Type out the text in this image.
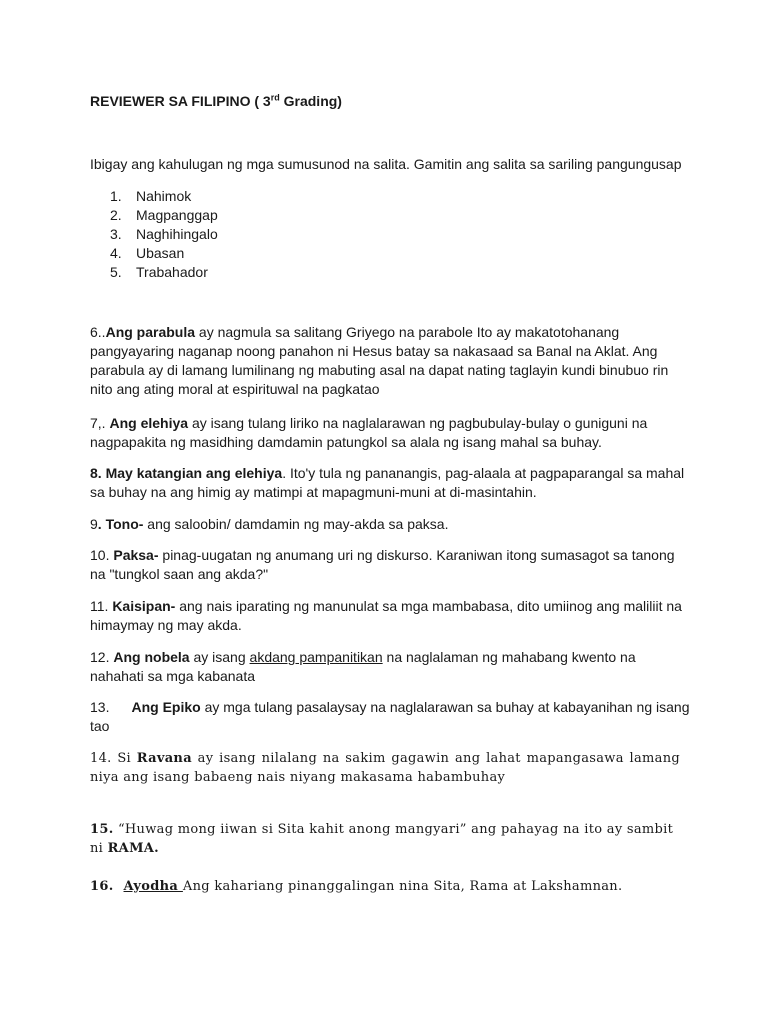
REVIEWER SA FILIPINO ( 3rd Grading)
Ibigay ang kahulugan ng mga sumusunod na salita. Gamitin ang salita sa sariling pangungusap
1.	Nahimok
2.	Magpanggap
3.	Naghihingalo
4.	Ubasan
5.	Trabahador
6..Ang parabula ay nagmula sa salitang Griyego na parabole Ito ay makatotohanang pangyayaring naganap noong panahon ni Hesus batay sa nakasaad sa Banal na Aklat. Ang parabula ay di lamang lumilinang ng mabuting asal na dapat nating taglayin kundi binubuo rin nito ang ating moral at espirituwal na pagkatao
7,. Ang elehiya ay isang tulang liriko na naglalarawan ng pagbubulay-bulay o guniguni na nagpapakita ng masidhing damdamin patungkol sa alala ng isang mahal sa buhay.
8. May katangian ang elehiya. Ito'y tula ng pananangis, pag-alaala at pagpaparangal sa mahal sa buhay na ang himig ay matimpi at mapagmuni-muni at di-masintahin.
9. Tono- ang saloobin/ damdamin ng may-akda sa paksa.
10. Paksa- pinag-uugatan ng anumang uri ng diskurso. Karaniwan itong sumasagot sa tanong na "tungkol saan ang akda?"
11. Kaisipan- ang nais iparating ng manunulat sa mga mambabasa, dito umiinog ang maliliit na himaymay ng may akda.
12. Ang nobela ay isang akdang pampanitikan na naglalaman ng mahabang kwento na nahahati sa mga kabanata
13. Ang Epiko ay mga tulang pasalaysay na naglalarawan sa buhay at kabayanihan ng isang tao
14. Si Ravana ay isang nilalang na sakim gagawin ang lahat mapangasawa lamang niya ang isang babaeng nais niyang makasama habambuhay
15. “Huwag mong iiwan si Sita kahit anong mangyari” ang pahayag na ito ay sambit ni RAMA.
16. Ayodha Ang kahariang pinanggalingan nina Sita, Rama at Lakshamnan.
